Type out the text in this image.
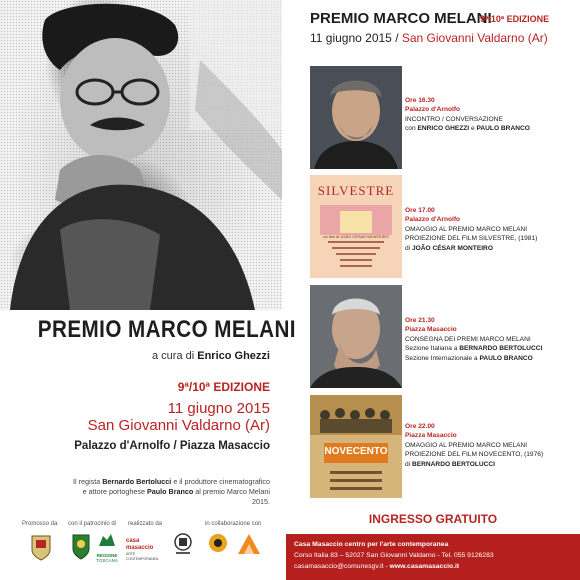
PREMIO MARCO MELANI
a cura di Enrico Ghezzi
9ª/10ª EDIZIONE
11 giugno 2015
San Giovanni Valdarno (Ar)
Palazzo d'Arnolfo / Piazza Masaccio
Il regista Bernardo Bertolucci e il produttore cinematografico e attore portoghese Paulo Branco al premio Marco Melani 2015.
Promosso da con il patrocinio di realizzato da	in collaborazione con
REGIONE
TOSCANA
casa masaccio
ARTE CONTEMPORANEA
PREMIO MARCO MELANI
9ª/10ª EDIZIONE
11 giugno 2015 / San Giovanni Valdarno (Ar)
Ore 16.30
Palazzo d'Arnolfo
INCONTRO / CONVERSAZIONE
con ENRICO GHEZZI e PAULO BRANCO
SILVESTRE
un film di JOÃO CÉSAR MONTEIRO
Ore 17.00
Palazzo d'Arnolfo
OMAGGIO AL PREMIO MARCO MELANI
PROIEZIONE DEL FILM SILVESTRE, (1981)
di JOÃO CÉSAR MONTEIRO
Ore 21.30
Piazza Masaccio
CONSEGNA DEI PREMI MARCO MELANI
Sezione Italiana a BERNARDO BERTOLUCCI
Sezione Internazionale a PAULO BRANCO
NOVECENTO
Ore 22.00
Piazza Masaccio
OMAGGIO AL PREMIO MARCO MELANI
PROIEZIONE DEL FILM NOVECENTO, (1976)
di BERNARDO BERTOLUCCI
INGRESSO GRATUITO
Casa Masaccio centro per l'arte contemporanea
Corso Italia 83 – 52027 San Giovanni Valdarno - Tel. 055 9126283
casamasaccio@comunesgv.it - www.casamasaccio.it
